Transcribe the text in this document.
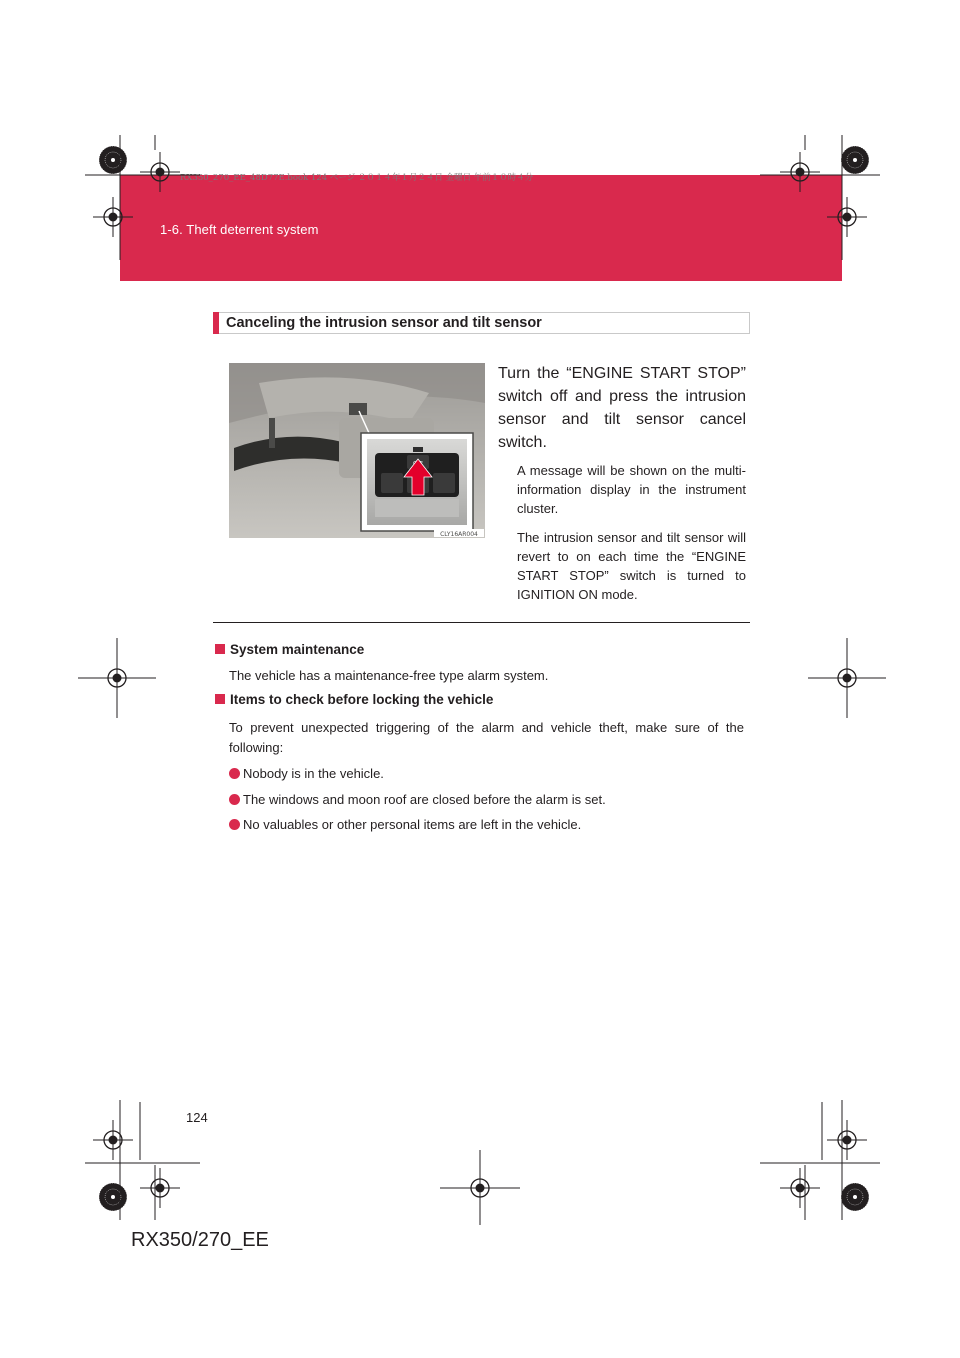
1-6. Theft deterrent system
RX350_270_EE_48D77E.book 124 ページ ２０１４年１月２４日 金曜日 午前１０時４分
Canceling the intrusion sensor and tilt sensor
CLY16AR004
Turn the “ENGINE START STOP” switch off and press the intrusion sensor and tilt sensor cancel switch.
A message will be shown on the multi-information display in the instrument cluster.
The intrusion sensor and tilt sensor will revert to on each time the “ENGINE START STOP” switch is turned to IGNITION ON mode.
System maintenance
The vehicle has a maintenance-free type alarm system.
Items to check before locking the vehicle
To prevent unexpected triggering of the alarm and vehicle theft, make sure of the following:
Nobody is in the vehicle.
The windows and moon roof are closed before the alarm is set.
No valuables or other personal items are left in the vehicle.
124
RX350/270_EE
